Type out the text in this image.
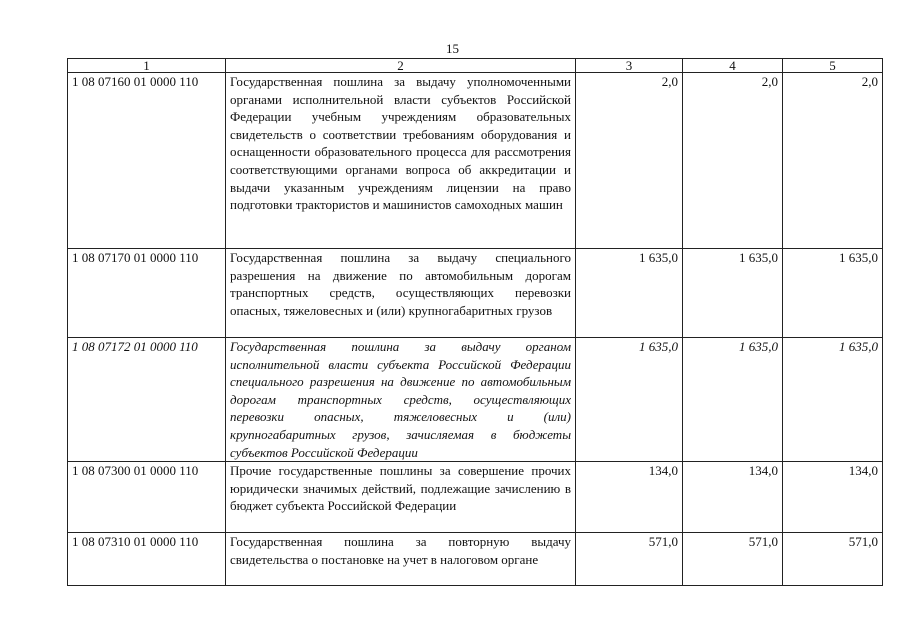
15
1	2	3	4	5
1 08 07160 01 0000 110	Государственная пошлина за выдачу уполномоченными органами исполнительной власти субъектов Российской Федерации учебным учреждениям образовательных свидетельств о соответствии требованиям оборудования и оснащенности образовательного процесса для рассмотрения соответствующими органами вопроса об аккредитации и выдачи указанным учреждениям лицензии на право подготовки трактористов и машинистов самоходных машин	2,0	2,0	2,0
1 08 07170 01 0000 110	Государственная пошлина за выдачу специального разрешения на движение по автомобильным дорогам транспортных средств, осуществляющих перевозки опасных, тяжеловесных и (или) крупногабаритных грузов	1 635,0	1 635,0	1 635,0
1 08 07172 01 0000 110	Государственная пошлина за выдачу органом исполнительной власти субъекта Российской Федерации специального разрешения на движение по автомобильным дорогам транспортных средств, осуществляющих перевозки опасных, тяжеловесных и (или) крупногабаритных грузов, зачисляемая в бюджеты субъектов Российской Федерации	1 635,0	1 635,0	1 635,0
1 08 07300 01 0000 110	Прочие государственные пошлины за совершение прочих юридически значимых действий, подлежащие зачислению в бюджет субъекта Российской Федерации	134,0	134,0	134,0
1 08 07310 01 0000 110	Государственная пошлина за повторную выдачу свидетельства о постановке на учет в налоговом органе	571,0	571,0	571,0
